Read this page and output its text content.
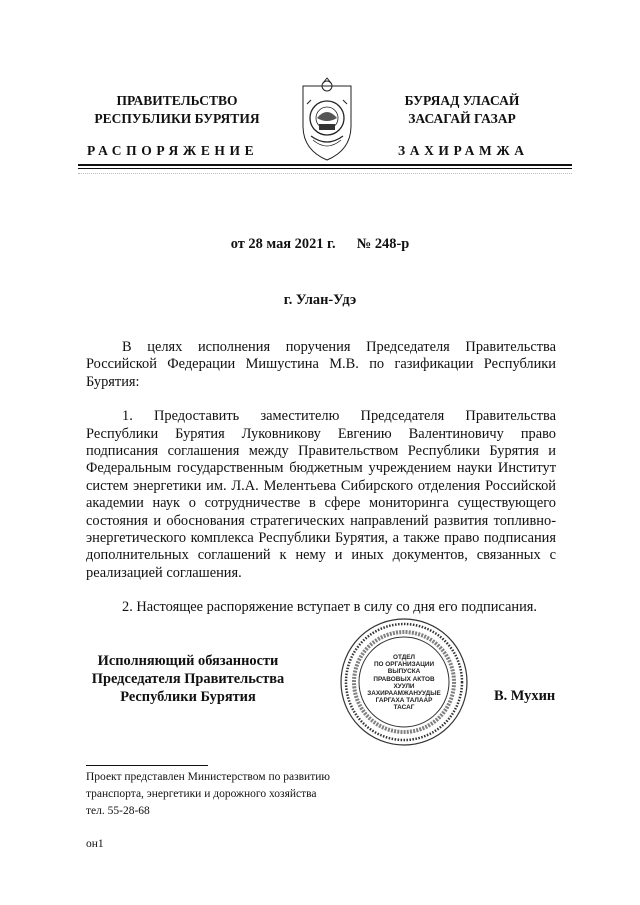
ПРАВИТЕЛЬСТВО
РЕСПУБЛИКИ БУРЯТИЯ
РАСПОРЯЖЕНИЕ
БУРЯАД УЛАСАЙ
ЗАСАГАЙ ГАЗАР
ЗАХИРАМЖА
от 28 мая 2021 г. № 248-р
г. Улан-Удэ

В целях исполнения поручения Председателя Правительства Российской Федерации Мишустина М.В. по газификации Республики Бурятия:

1. Предоставить заместителю Председателя Правительства Республики Бурятия Луковникову Евгению Валентиновичу право подписания соглашения между Правительством Республики Бурятия и Федеральным государственным бюджетным учреждением науки Институт систем энергетики им. Л.А. Мелентьева Сибирского отделения Российской академии наук о сотрудничестве в сфере мониторинга существующего состояния и обоснования стратегических направлений развития топливно-энергетического комплекса Республики Бурятия, а также право подписания дополнительных соглашений к нему и иных документов, связанных с реализацией соглашения.

2. Настоящее распоряжение вступает в силу со дня его подписания.

Исполняющий обязанности
Председателя Правительства
Республики Бурятия	В. Мухин
ОТДЕЛ
ПО ОРГАНИЗАЦИИ
ВЫПУСКА
ПРАВОВЫХ АКТОВ
ХУУЛИ
ЗАХИРААМЖАНУУДЫЕ
ГАРГАХА ТАЛААР
ТАСАГ
Проект представлен Министерством по развитию
транспорта, энергетики и дорожного хозяйства
тел. 55-28-68
он1
